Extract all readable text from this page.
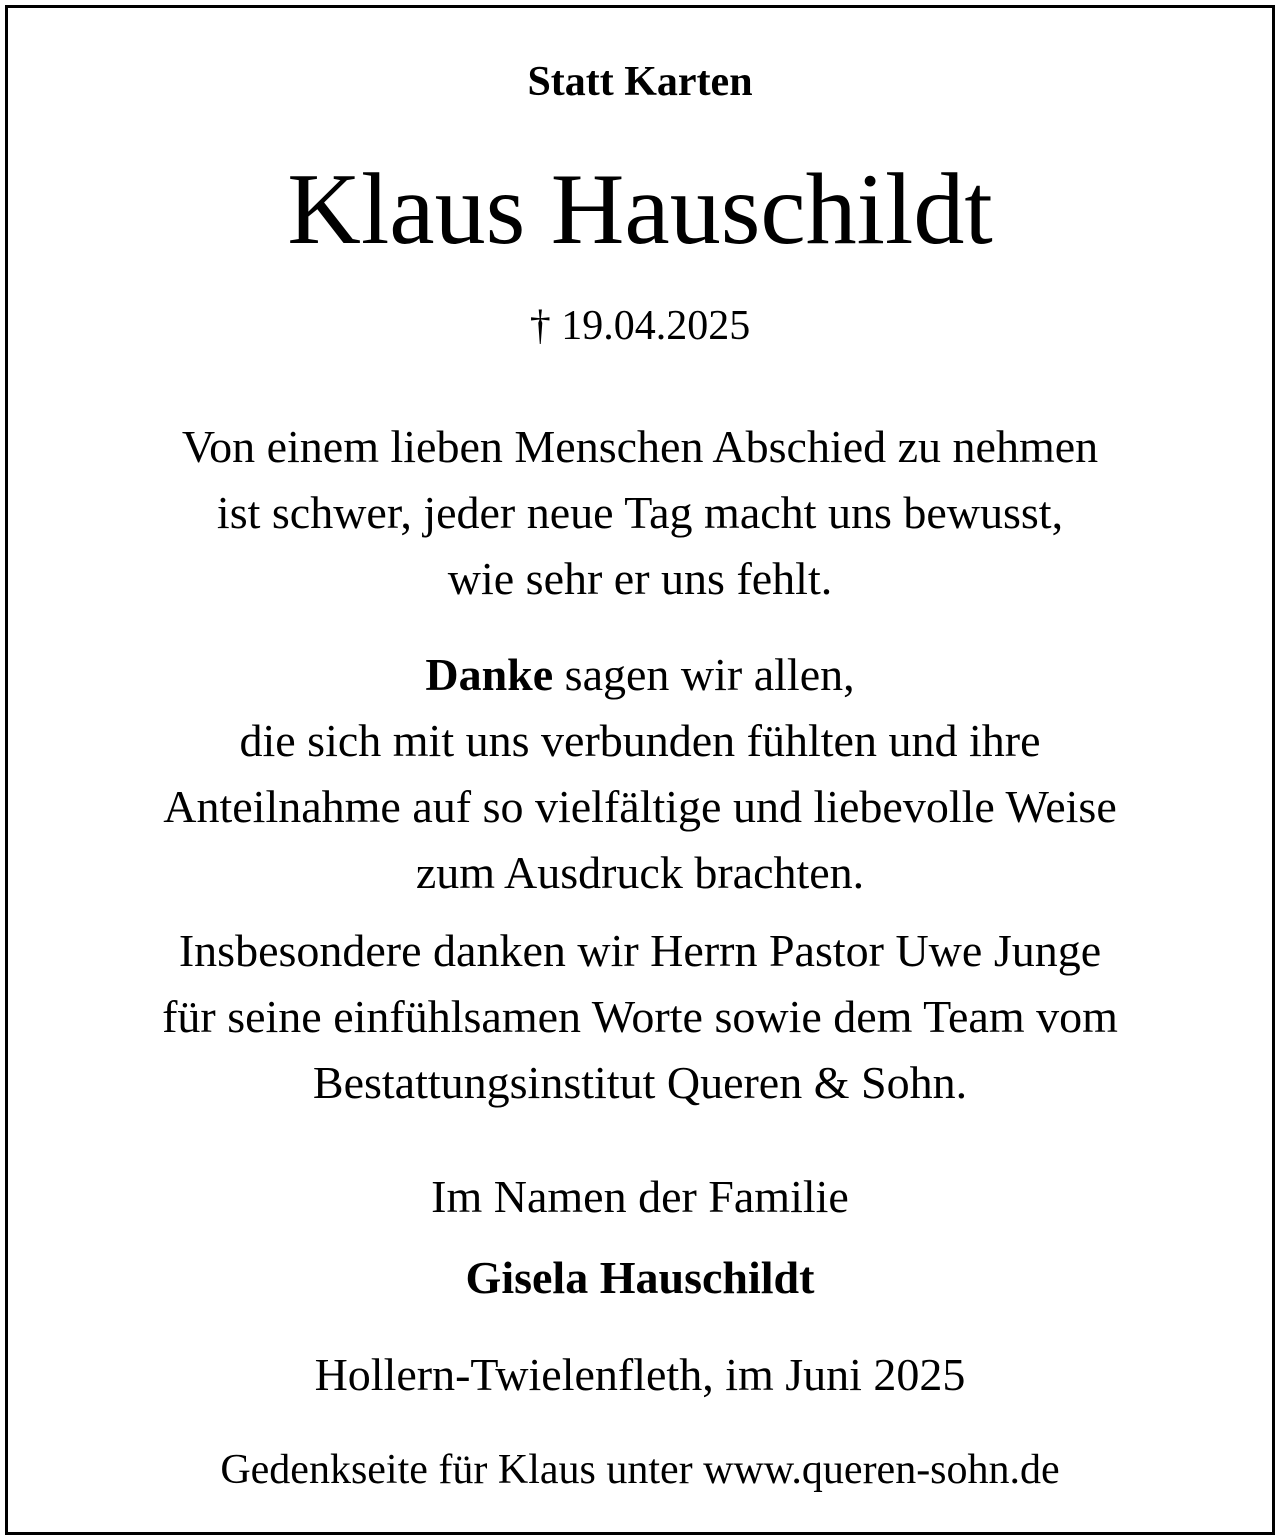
Statt Karten
Klaus Hauschildt
† 19.04.2025
Von einem lieben Menschen Abschied zu nehmen
ist schwer, jeder neue Tag macht uns bewusst,
wie sehr er uns fehlt.
Danke sagen wir allen,
die sich mit uns verbunden fühlten und ihre
Anteilnahme auf so vielfältige und liebevolle Weise
zum Ausdruck brachten.
Insbesondere danken wir Herrn Pastor Uwe Junge
für seine einfühlsamen Worte sowie dem Team vom
Bestattungsinstitut Queren & Sohn.
Im Namen der Familie
Gisela Hauschildt
Hollern-Twielenfleth, im Juni 2025
Gedenkseite für Klaus unter www.queren-sohn.de
